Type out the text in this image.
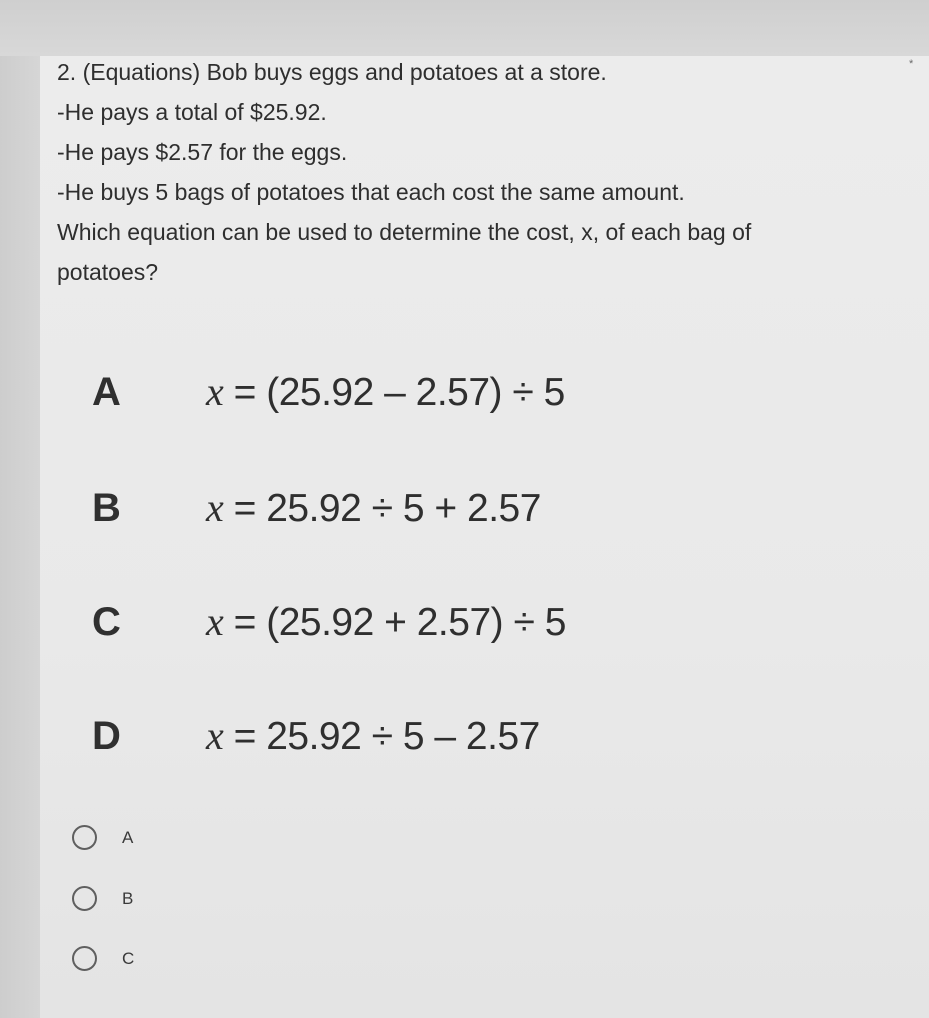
*
2. (Equations) Bob buys eggs and potatoes at a store.
-He pays a total of $25.92.
-He pays $2.57 for the eggs.
-He buys 5 bags of potatoes that each cost the same amount.
Which equation can be used to determine the cost, x, of each bag of
potatoes?
A x = (25.92 – 2.57) ÷ 5
B x = 25.92 ÷ 5 + 2.57
C x = (25.92 + 2.57) ÷ 5
D x = 25.92 ÷ 5 – 2.57
A
B
C
